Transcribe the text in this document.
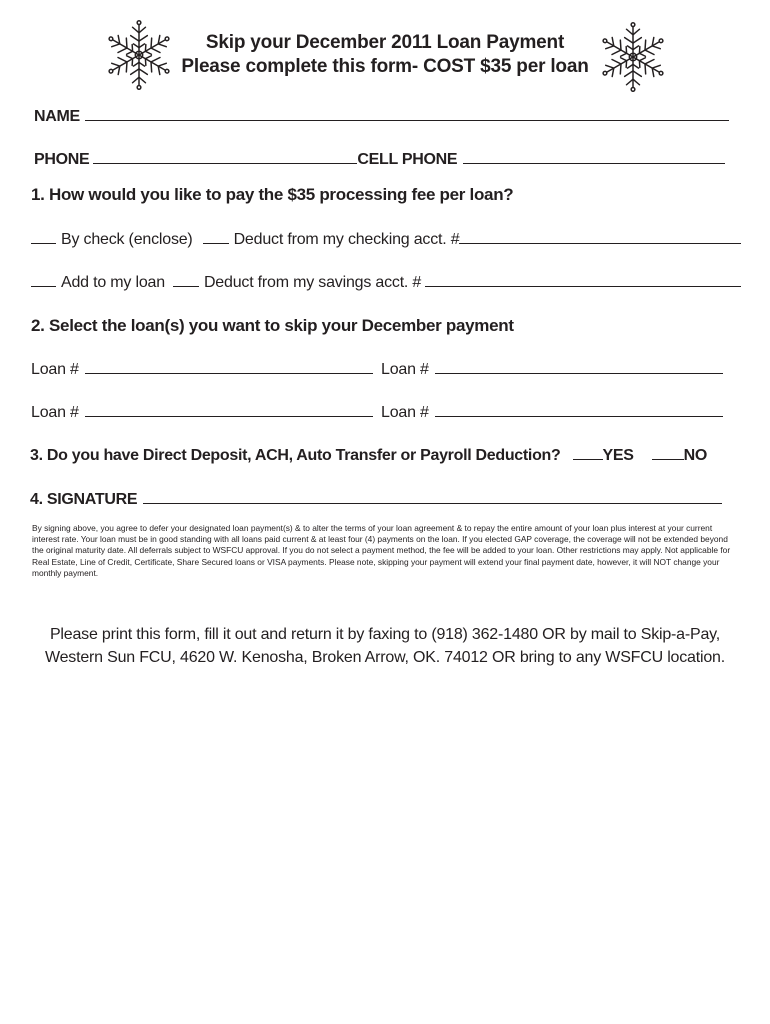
Skip your December 2011 Loan Payment
Please complete this form- COST $35 per loan
NAME
PHONE	CELL PHONE
1. How would you like to pay the $35 processing fee per loan?
By check (enclose)	Deduct from my checking acct. #
Add to my loan Deduct from my savings acct. #
2. Select the loan(s) you want to skip your December payment
Loan #	Loan #
Loan #	Loan #
3. Do you have Direct Deposit, ACH, Auto Transfer or Payroll Deduction?	YES	NO
4. SIGNATURE
By signing above, you agree to defer your designated loan payment(s) & to alter the terms of your loan agreement & to repay the entire amount of your loan plus interest at your current interest rate. Your loan must be in good standing with all loans paid current & at least four (4) payments on the loan. If you elected GAP coverage, the coverage will not be extended beyond the original maturity date. All deferrals subject to WSFCU approval. If you do not select a payment method, the fee will be added to your loan. Other restrictions may apply. Not applicable for Real Estate, Line of Credit, Certificate, Share Secured loans or VISA payments. Please note, skipping your payment will extend your final payment date, however, it will NOT change your monthly payment.
Please print this form, fill it out and return it by faxing to (918) 362-1480 OR by mail to Skip-a-Pay,
Western Sun FCU, 4620 W. Kenosha, Broken Arrow, OK. 74012 OR bring to any WSFCU location.
